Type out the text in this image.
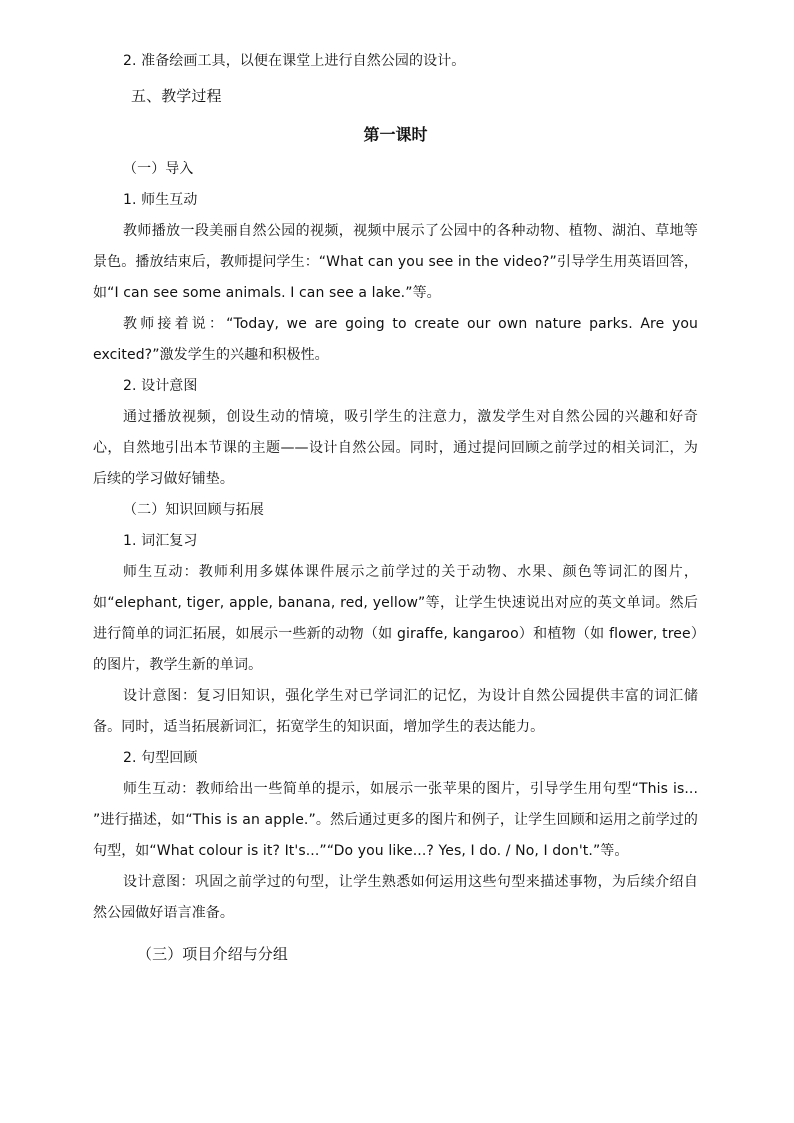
2. 准备绘画工具，以便在课堂上进行自然公园的设计。

五、教学过程

第一课时

（一）导入

1. 师生互动

教师播放一段美丽自然公园的视频，视频中展示了公园中的各种动物、植物、湖泊、草地等景色。播放结束后，教师提问学生：“What can you see in the video?”引导学生用英语回答，如“I can see some animals. I can see a lake.”等。

教师接着说：“Today, we are going to create our own nature parks. Are you excited?”激发学生的兴趣和积极性。

2. 设计意图

通过播放视频，创设生动的情境，吸引学生的注意力，激发学生对自然公园的兴趣和好奇心，自然地引出本节课的主题——设计自然公园。同时，通过提问回顾之前学过的相关词汇，为后续的学习做好铺垫。

（二）知识回顾与拓展

1. 词汇复习

师生互动：教师利用多媒体课件展示之前学过的关于动物、水果、颜色等词汇的图片，如“elephant, tiger, apple, banana, red, yellow”等，让学生快速说出对应的英文单词。然后进行简单的词汇拓展，如展示一些新的动物（如 giraffe, kangaroo）和植物（如 flower, tree）的图片，教学生新的单词。

设计意图：复习旧知识，强化学生对已学词汇的记忆，为设计自然公园提供丰富的词汇储备。同时，适当拓展新词汇，拓宽学生的知识面，增加学生的表达能力。

2. 句型回顾

师生互动：教师给出一些简单的提示，如展示一张苹果的图片，引导学生用句型“This is... ”进行描述，如“This is an apple.”。然后通过更多的图片和例子，让学生回顾和运用之前学过的句型，如“What colour is it? It's...”“Do you like...? Yes, I do. / No, I don't.”等。

设计意图：巩固之前学过的句型，让学生熟悉如何运用这些句型来描述事物，为后续介绍自然公园做好语言准备。

（三）项目介绍与分组
